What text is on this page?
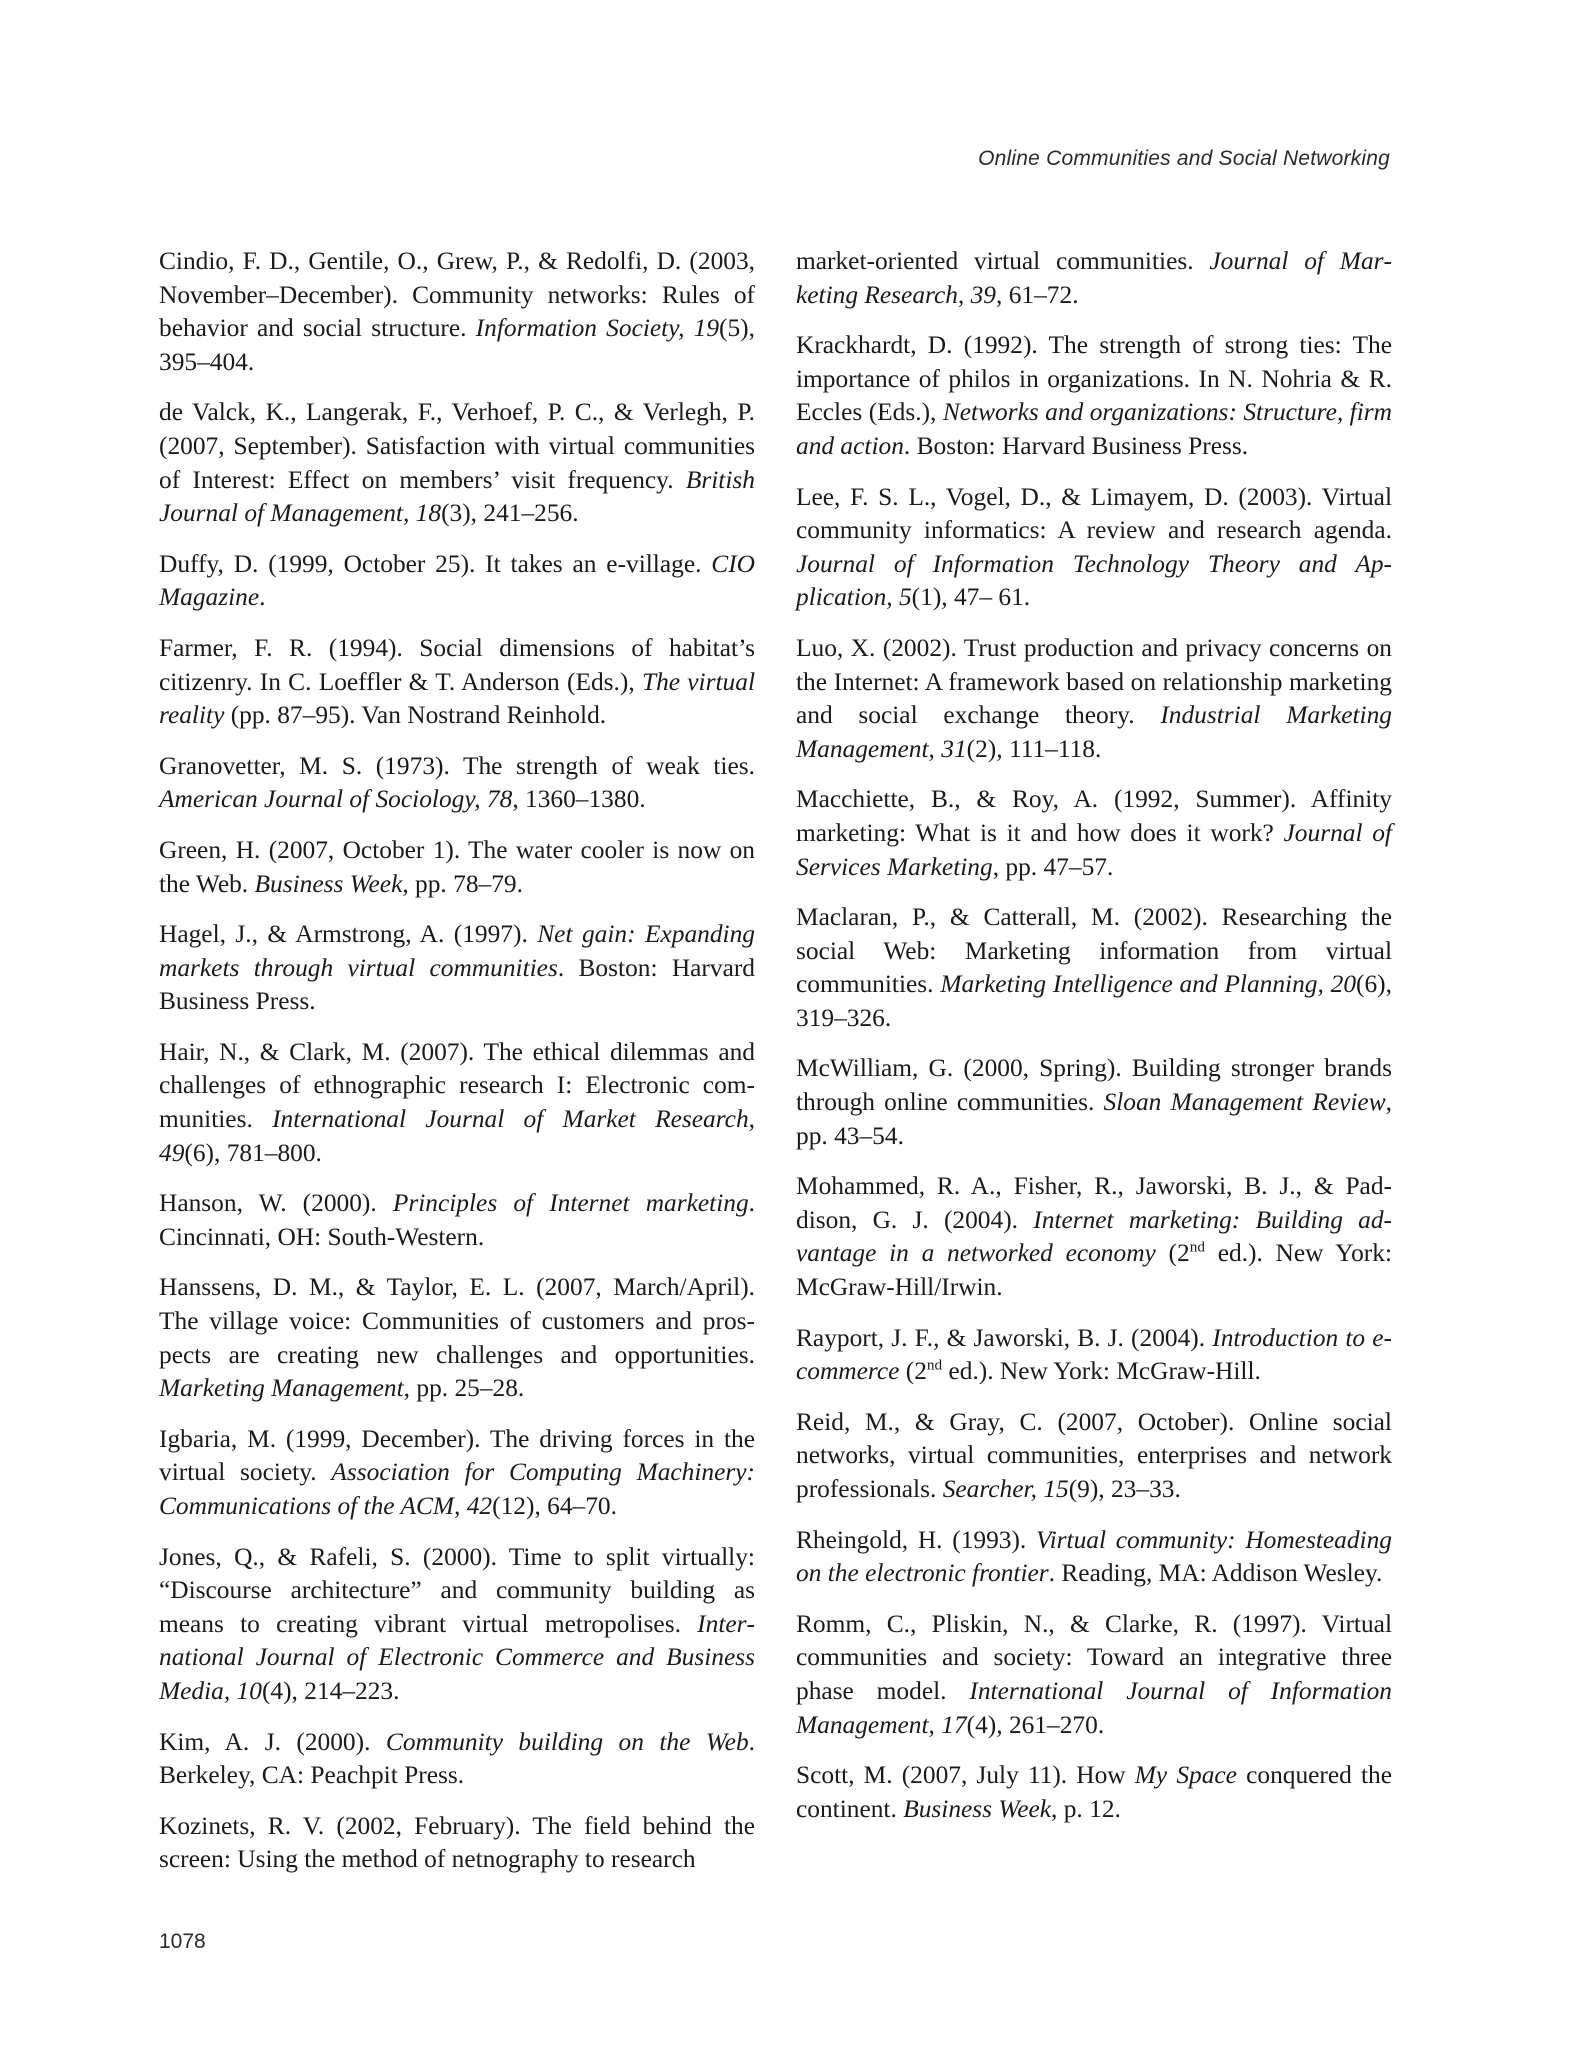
Online Communities and Social Networking

Cindio, F. D., Gentile, O., Grew, P., & Redolfi, D. (2003, November–December). Community networks: Rules of behavior and social structure. Information Society, 19(5), 395–404.

de Valck, K., Langerak, F., Verhoef, P. C., & Verlegh, P. (2007, September). Satisfaction with virtual communities of Interest: Effect on members’ visit frequency. British Journal of Management, 18(3), 241–256.

Duffy, D. (1999, October 25). It takes an e-village. CIO Magazine.

Farmer, F. R. (1994). Social dimensions of habitat’s citizenry. In C. Loeffler & T. Anderson (Eds.), The virtual reality (pp. 87–95). Van Nostrand Reinhold.

Granovetter, M. S. (1973). The strength of weak ties. American Journal of Sociology, 78, 1360–1380.

Green, H. (2007, October 1). The water cooler is now on the Web. Business Week, pp. 78–79.

Hagel, J., & Armstrong, A. (1997). Net gain: Expanding markets through virtual communities. Boston: Harvard Business Press.

Hair, N., & Clark, M. (2007). The ethical dilemmas and challenges of ethnographic research I: Electronic communities. International Journal of Market Research, 49(6), 781–800.

Hanson, W. (2000). Principles of Internet marketing. Cincinnati, OH: South-Western.

Hanssens, D. M., & Taylor, E. L. (2007, March/April). The village voice: Communities of customers and prospects are creating new challenges and opportunities. Marketing Management, pp. 25–28.

Igbaria, M. (1999, December). The driving forces in the virtual society. Association for Computing Machinery: Communications of the ACM, 42(12), 64–70.

Jones, Q., & Rafeli, S. (2000). Time to split virtually: “Discourse architecture” and community building as means to creating vibrant virtual metropolises. International Journal of Electronic Commerce and Business Media, 10(4), 214–223.

Kim, A. J. (2000). Community building on the Web. Berkeley, CA: Peachpit Press.

Kozinets, R. V. (2002, February). The field behind the screen: Using the method of netnography to research

market-oriented virtual communities. Journal of Marketing Research, 39, 61–72.

Krackhardt, D. (1992). The strength of strong ties: The importance of philos in organizations. In N. Nohria & R. Eccles (Eds.), Networks and organizations: Structure, firm and action. Boston: Harvard Business Press.

Lee, F. S. L., Vogel, D., & Limayem, D. (2003). Virtual community informatics: A review and research agenda. Journal of Information Technology Theory and Application, 5(1), 47– 61.

Luo, X. (2002). Trust production and privacy concerns on the Internet: A framework based on relationship marketing and social exchange theory. Industrial Marketing Management, 31(2), 111–118.

Macchiette, B., & Roy, A. (1992, Summer). Affinity marketing: What is it and how does it work? Journal of Services Marketing, pp. 47–57.

Maclaran, P., & Catterall, M. (2002). Researching the social Web: Marketing information from virtual communities. Marketing Intelligence and Planning, 20(6), 319–326.

McWilliam, G. (2000, Spring). Building stronger brands through online communities. Sloan Management Review, pp. 43–54.

Mohammed, R. A., Fisher, R., Jaworski, B. J., & Paddison, G. J. (2004). Internet marketing: Building advantage in a networked economy (2nd ed.). New York: McGraw-Hill/Irwin.

Rayport, J. F., & Jaworski, B. J. (2004). Introduction to e-commerce (2nd ed.). New York: McGraw-Hill.

Reid, M., & Gray, C. (2007, October). Online social networks, virtual communities, enterprises and network professionals. Searcher, 15(9), 23–33.

Rheingold, H. (1993). Virtual community: Homesteading on the electronic frontier. Reading, MA: Addison Wesley.

Romm, C., Pliskin, N., & Clarke, R. (1997). Virtual communities and society: Toward an integrative three phase model. International Journal of Information Management, 17(4), 261–270.

Scott, M. (2007, July 11). How My Space conquered the continent. Business Week, p. 12.

1078
